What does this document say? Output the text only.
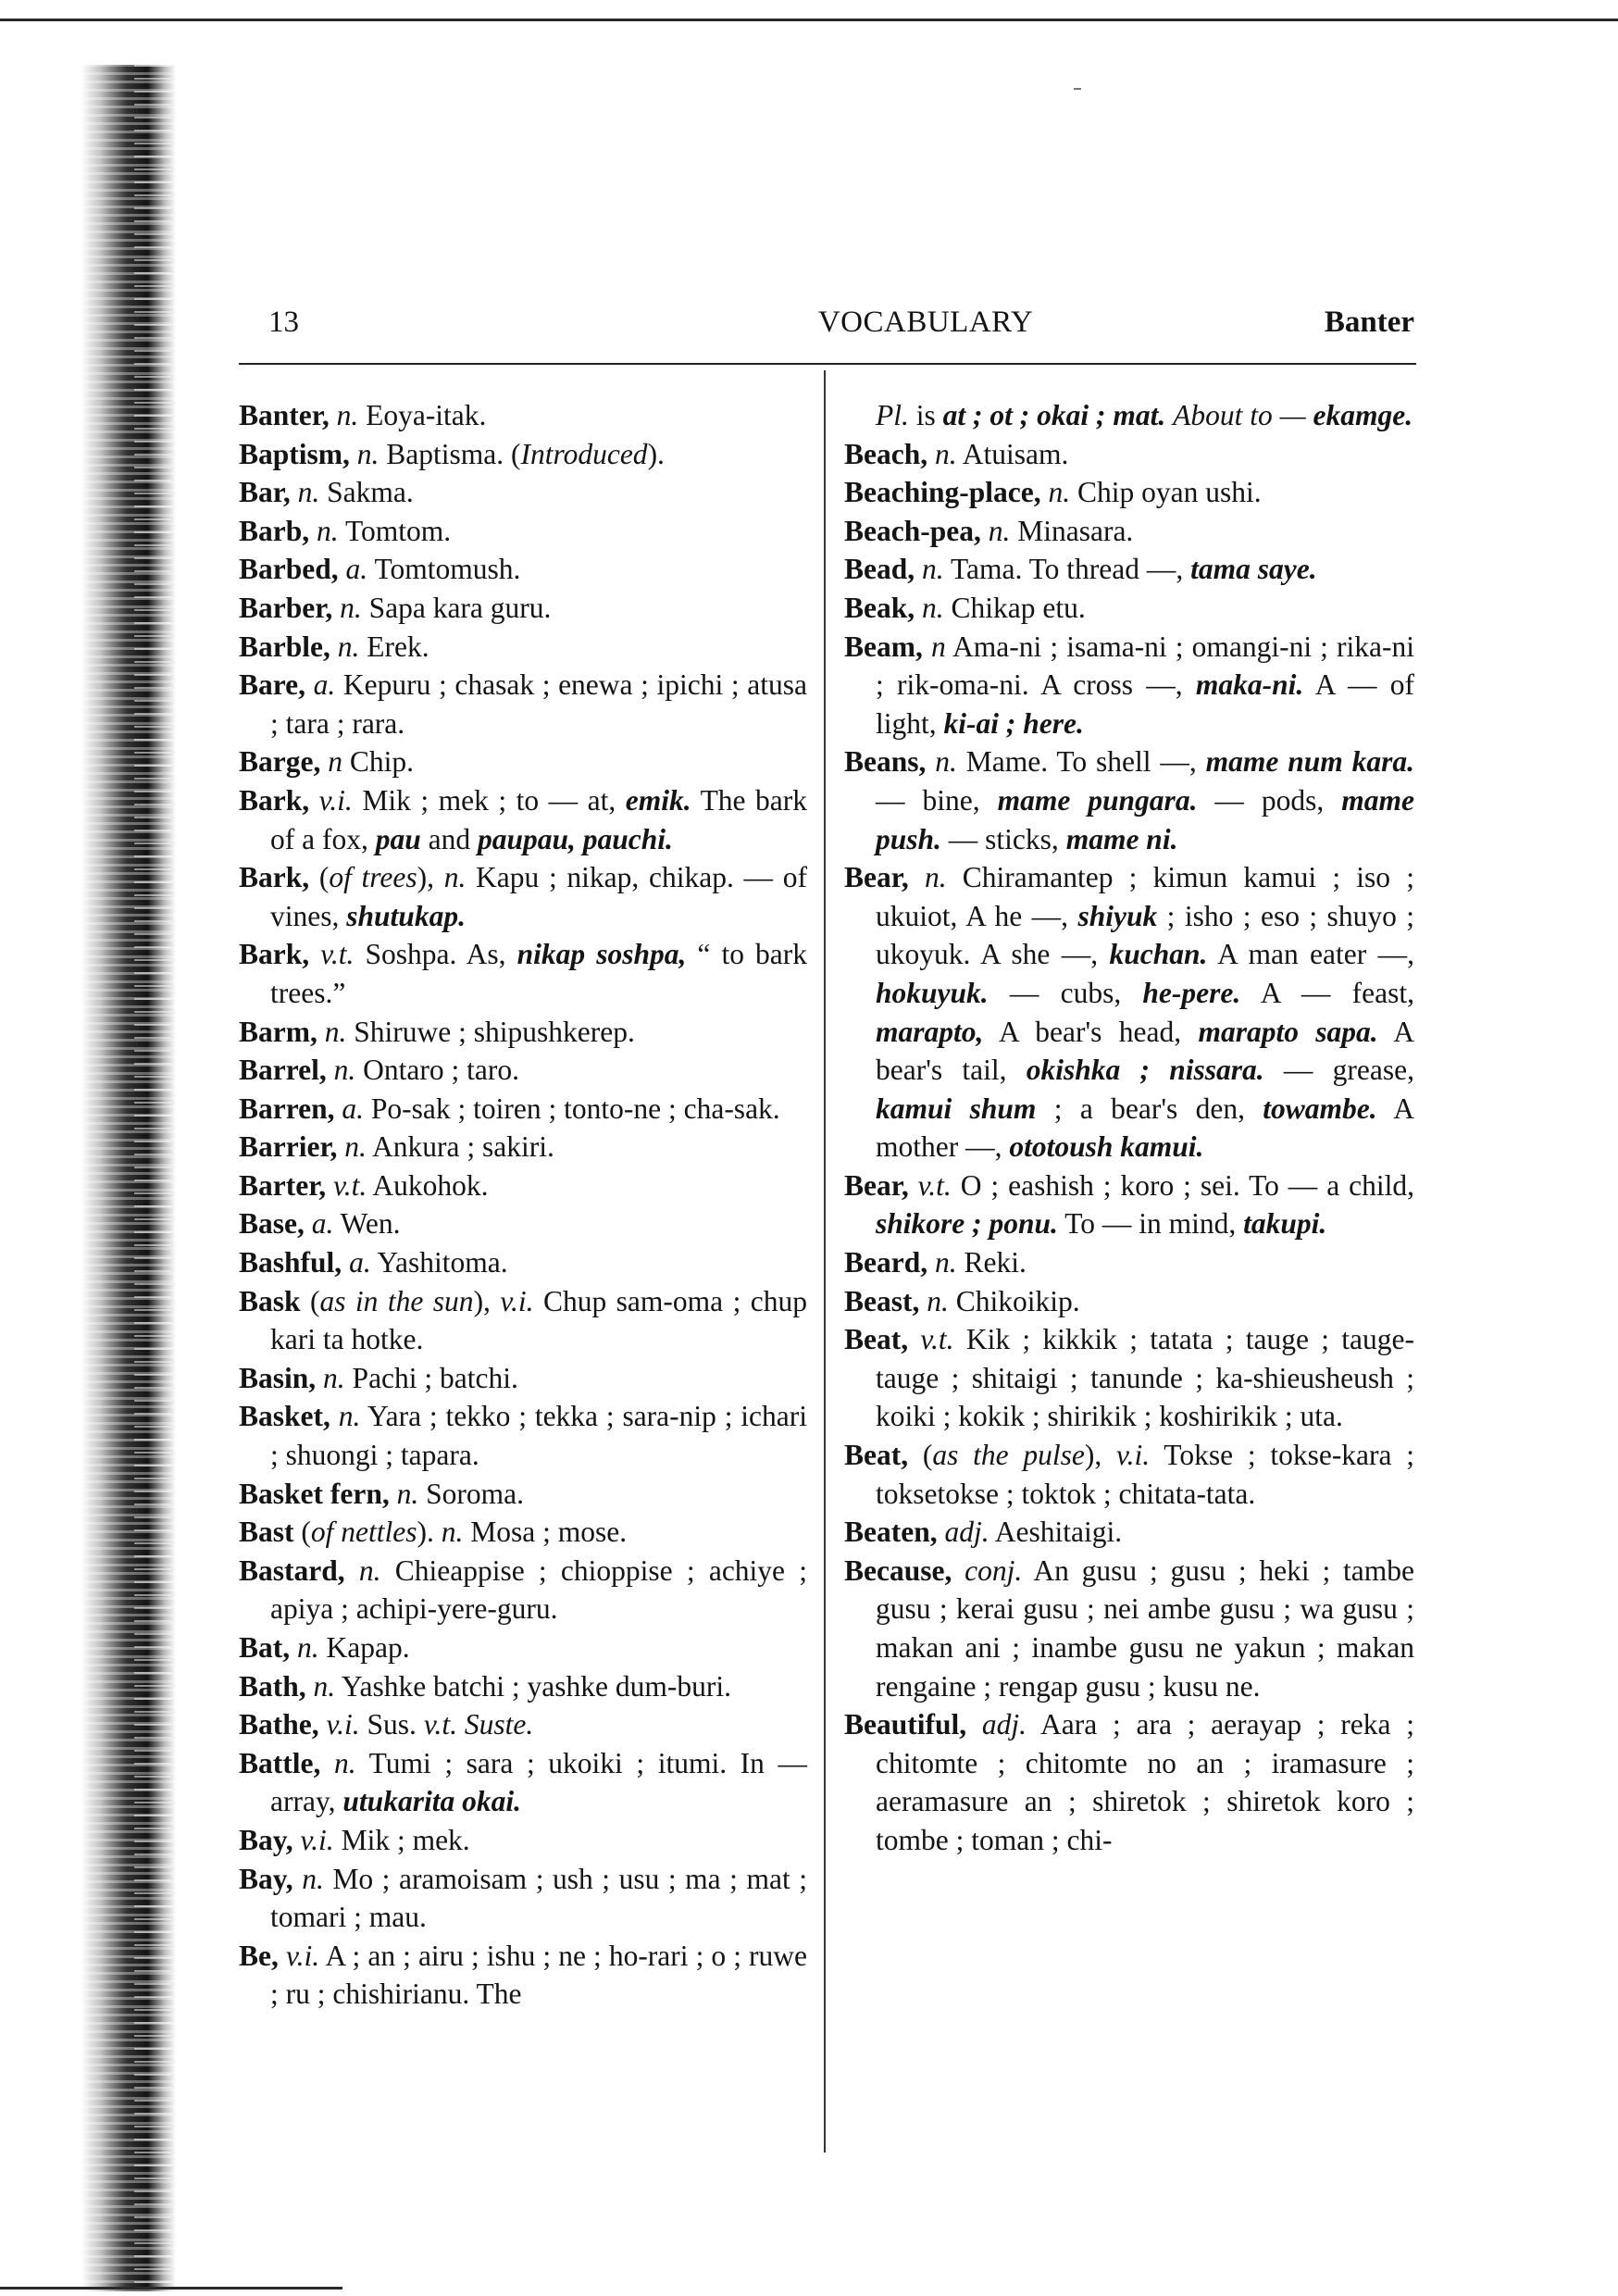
13	VOCABULARY	Banter

Banter, n. Eoya-itak.

Baptism, n. Baptisma. (Introduced).

Bar, n. Sakma.

Barb, n. Tomtom.

Barbed, a. Tomtomush.

Barber, n. Sapa kara guru.

Barble, n. Erek.

Bare, a. Kepuru ; chasak ; enewa ; ipichi ; atusa ; tara ; rara.

Barge, n Chip.

Bark, v.i. Mik ; mek ; to — at, emik. The bark of a fox, pau and paupau, pauchi.

Bark, (of trees), n. Kapu ; nikap, chikap. — of vines, shutukap.

Bark, v.t. Soshpa. As, nikap soshpa, “ to bark trees.”

Barm, n. Shiruwe ; shipushkerep.

Barrel, n. Ontaro ; taro.

Barren, a. Po-sak ; toiren ; tonto-ne ; cha-sak.

Barrier, n. Ankura ; sakiri.

Barter, v.t. Aukohok.

Base, a. Wen.

Bashful, a. Yashitoma.

Bask (as in the sun), v.i. Chup sam-oma ; chup kari ta hotke.

Basin, n. Pachi ; batchi.

Basket, n. Yara ; tekko ; tekka ; sara-nip ; ichari ; shuongi ; tapara.

Basket fern, n. Soroma.

Bast (of nettles). n. Mosa ; mose.

Bastard, n. Chieappise ; chioppise ; achiye ; apiya ; achipi-yere-guru.

Bat, n. Kapap.

Bath, n. Yashke batchi ; yashke dum-buri.

Bathe, v.i. Sus. v.t. Suste.

Battle, n. Tumi ; sara ; ukoiki ; itumi. In — array, utukarita okai.

Bay, v.i. Mik ; mek.

Bay, n. Mo ; aramoisam ; ush ; usu ; ma ; mat ; tomari ; mau.

Be, v.i. A ; an ; airu ; ishu ; ne ; ho-rari ; o ; ruwe ; ru ; chishirianu. The

Pl. is at ; ot ; okai ; mat. About to — ekamge.

Beach, n. Atuisam.

Beaching-place, n. Chip oyan ushi.

Beach-pea, n. Minasara.

Bead, n. Tama. To thread —, tama saye.

Beak, n. Chikap etu.

Beam, n Ama-ni ; isama-ni ; omangi-ni ; rika-ni ; rik-oma-ni. A cross —, maka-ni. A — of light, ki-ai ; here.

Beans, n. Mame. To shell —, mame num kara. — bine, mame pungara. — pods, mame push. — sticks, mame ni.

Bear, n. Chiramantep ; kimun kamui ; iso ; ukuiot, A he —, shiyuk ; isho ; eso ; shuyo ; ukoyuk. A she —, kuchan. A man eater —, hokuyuk. — cubs, he-pere. A — feast, marapto, A bear's head, marapto sapa. A bear's tail, okishka ; nissara. — grease, kamui shum ; a bear's den, towambe. A mother —, ototoush kamui.

Bear, v.t. O ; eashish ; koro ; sei. To — a child, shikore ; ponu. To — in mind, takupi.

Beard, n. Reki.

Beast, n. Chikoikip.

Beat, v.t. Kik ; kikkik ; tatata ; tauge ; tauge-tauge ; shitaigi ; tanunde ; ka-shieusheush ; koiki ; kokik ; shirikik ; koshirikik ; uta.

Beat, (as the pulse), v.i. Tokse ; tokse-kara ; toksetokse ; toktok ; chitata-tata.

Beaten, adj. Aeshitaigi.

Because, conj. An gusu ; gusu ; heki ; tambe gusu ; kerai gusu ; nei ambe gusu ; wa gusu ; makan ani ; inambe gusu ne yakun ; makan rengaine ; rengap gusu ; kusu ne.

Beautiful, adj. Aara ; ara ; aerayap ; reka ; chitomte ; chitomte no an ; iramasure ; aeramasure an ; shiretok ; shiretok koro ; tombe ; toman ; chi-
